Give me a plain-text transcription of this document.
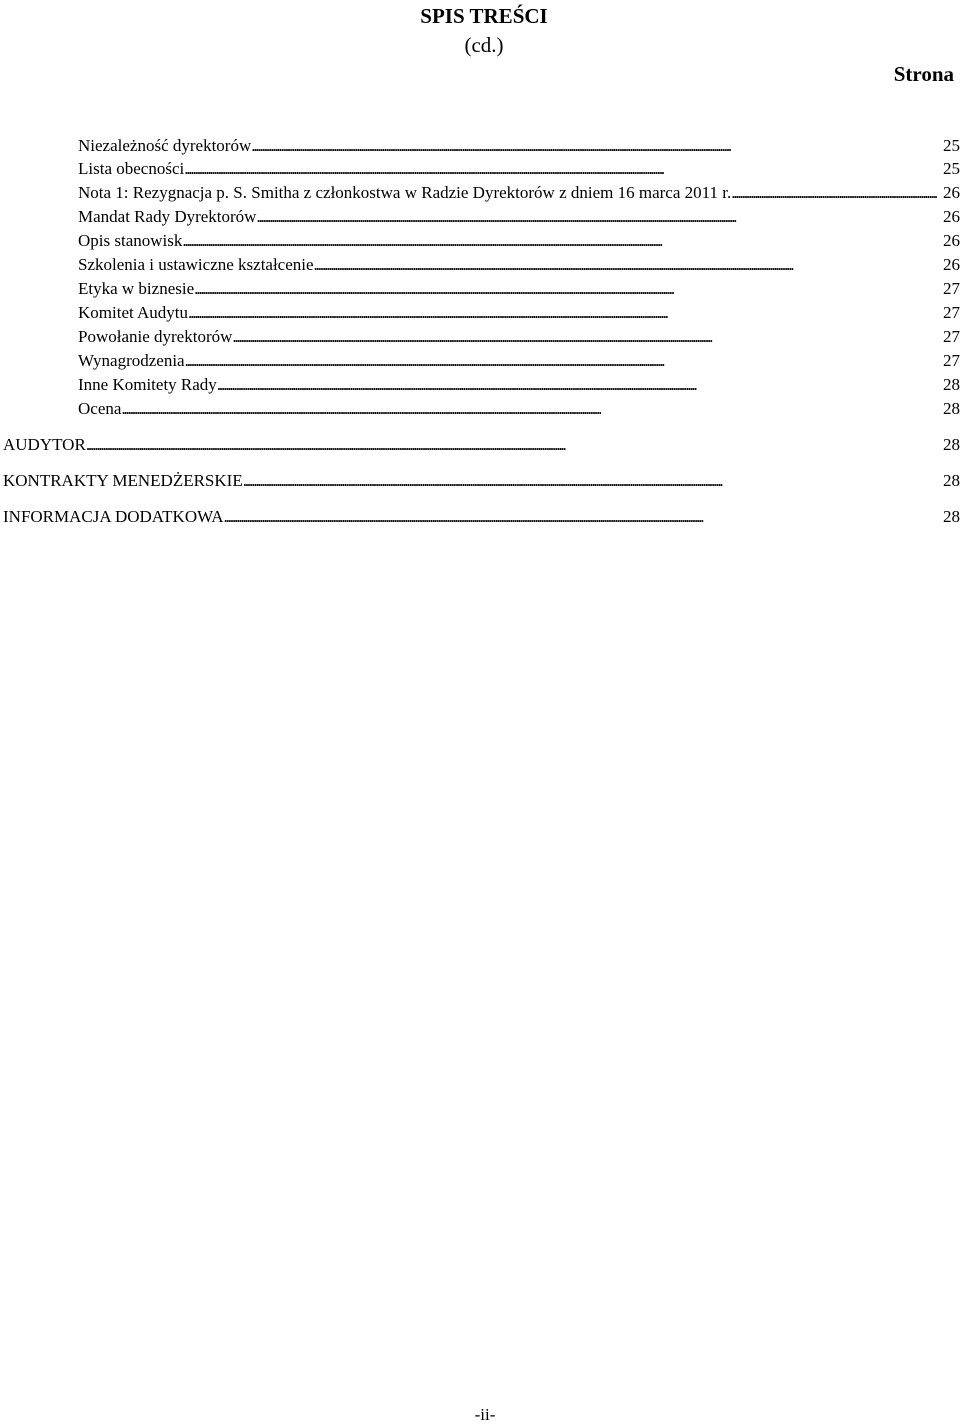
SPIS TREŚCI
(cd.)
Strona
Niezależność dyrektorów . . .	25
Lista obecności . . .	25
Nota 1: Rezygnacja p. S. Smitha z członkostwa w Radzie Dyrektorów z dniem 16 marca 2011 r. . . .	26
Mandat Rady Dyrektorów . . .	26
Opis stanowisk . . .	26
Szkolenia i ustawiczne kształcenie . . .	26
Etyka w biznesie . . .	27
Komitet Audytu . . .	27
Powołanie dyrektorów . . .	27
Wynagrodzenia . . .	27
Inne Komitety Rady . . .	28
Ocena . . .	28
AUDYTOR . . .	28
KONTRAKTY MENEDŻERSKIE . . .	28
INFORMACJA DODATKOWA . . .	28
-ii-
